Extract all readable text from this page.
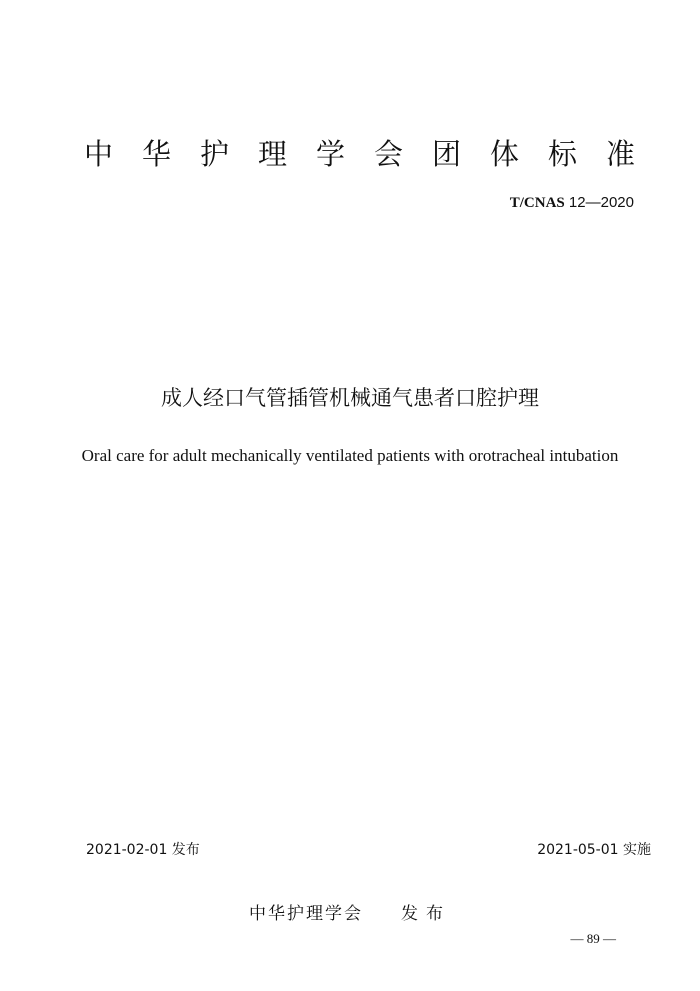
中华护理学会团体标准
T/CNAS 12—2020
成人经口气管插管机械通气患者口腔护理
Oral care for adult mechanically ventilated patients with orotracheal intubation
2021-02-01 发布	2021-05-01 实施
中华护理学会 发布
— 89 —
